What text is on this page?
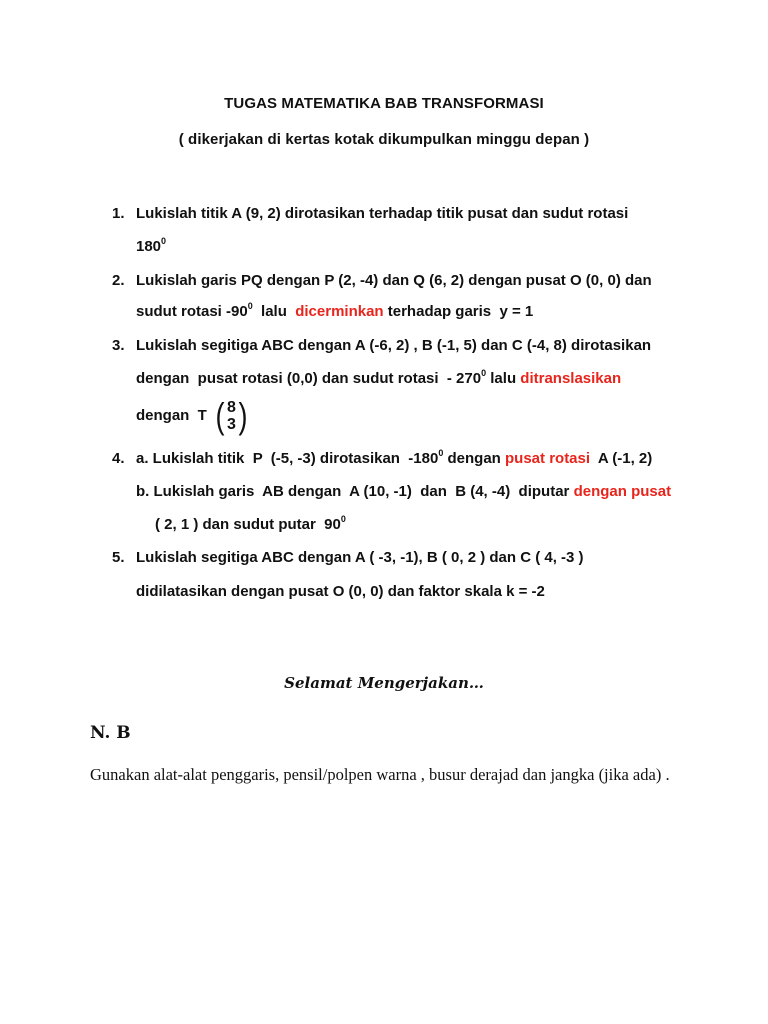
TUGAS MATEMATIKA BAB TRANSFORMASI
( dikerjakan di kertas kotak dikumpulkan minggu depan )
1. Lukislah titik A (9, 2) dirotasikan terhadap titik pusat dan sudut rotasi
$180^0$
2. Lukislah garis PQ dengan P (2, -4) dan Q (6, 2) dengan pusat O (0, 0) dan
sudut rotasi $-90^0$  lalu  dicerminkan terhadap garis  y = 1
3. Lukislah segitiga ABC dengan A (-6, 2) , B (-1, 5) dan C (-4, 8) dirotasikan
dengan  pusat rotasi (0,0) dan sudut rotasi  - $270^0$ lalu ditranslasikan
dengan  T ( 8
3 )
4. a. Lukislah titik  P  (-5, -3) dirotasikan  $-180^0$ dengan pusat rotasi  A (-1, 2)
b. Lukislah garis  AB dengan  A (10, -1)  dan  B (4, -4)  diputar dengan pusat
( 2, 1 ) dan sudut putar  $90^0$
5. Lukislah segitiga ABC dengan A ( -3, -1), B ( 0, 2 ) dan C ( 4, -3 )
didilatasikan dengan pusat O (0, 0) dan faktor skala k = -2
Selamat Mengerjakan…
N. B
Gunakan alat-alat penggaris, pensil/polpen warna , busur derajad dan jangka (jika ada) .
